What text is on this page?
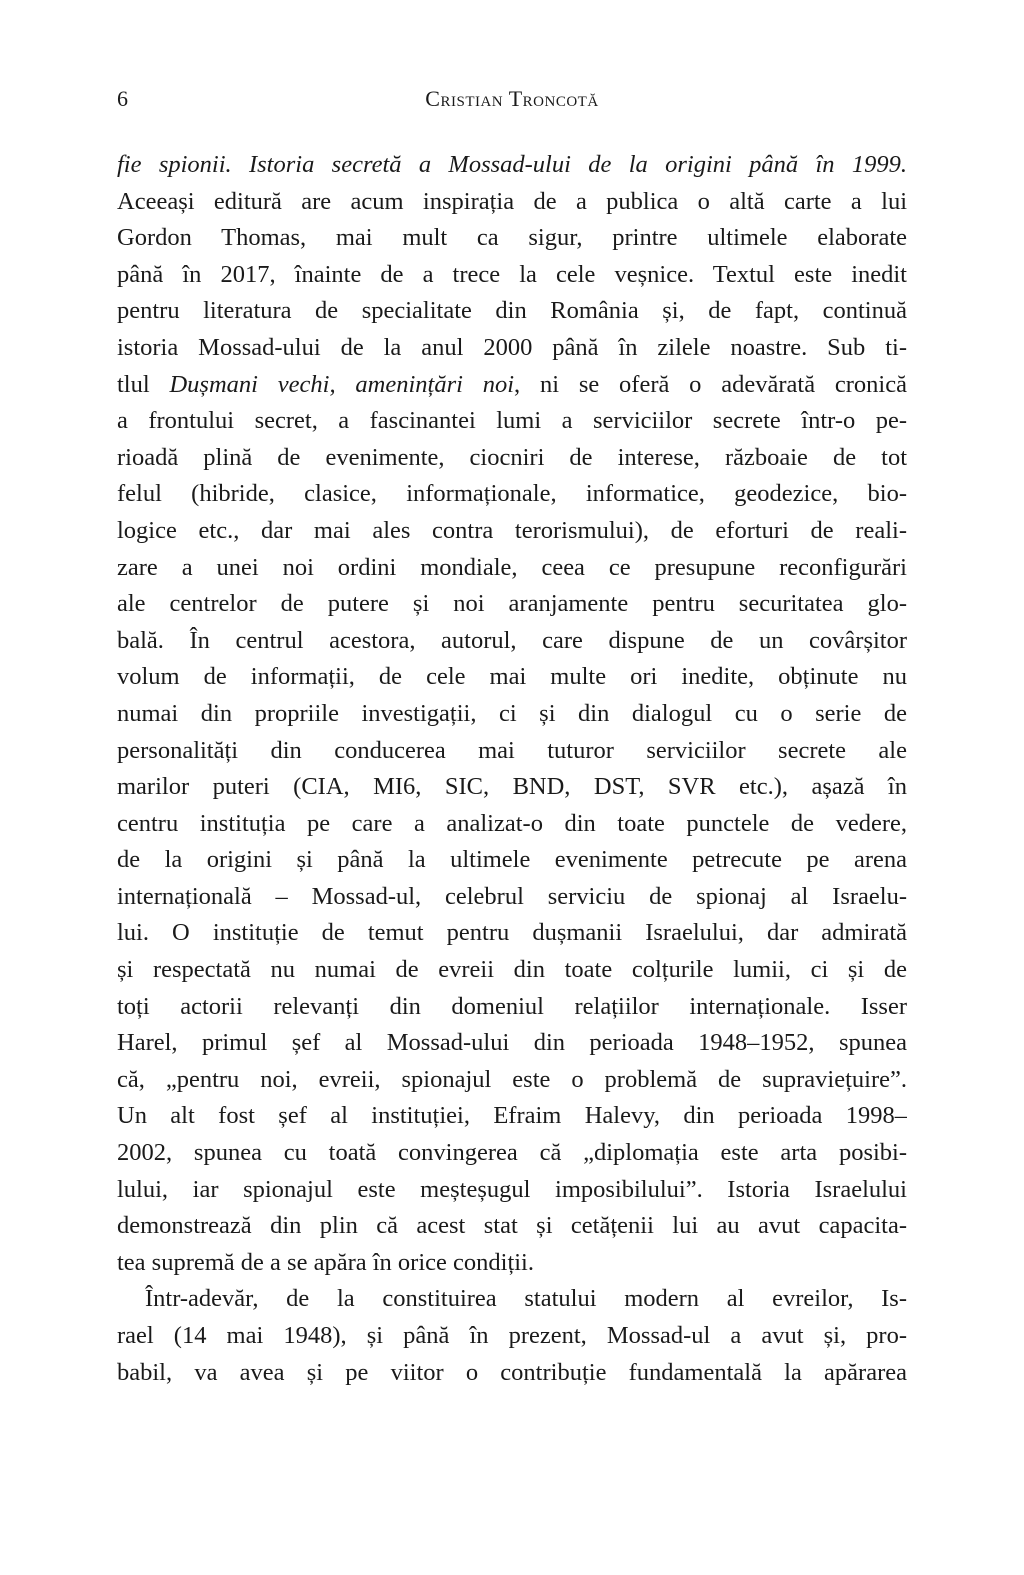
6	Cristian Troncotă
fie spionii. Istoria secretă a Mossad-ului de la origini până în 1999.
Aceeași editură are acum inspirația de a publica o altă carte a lui
Gordon Thomas, mai mult ca sigur, printre ultimele elaborate
până în 2017, înainte de a trece la cele veșnice. Textul este inedit
pentru literatura de specialitate din România și, de fapt, continuă
istoria Mossad-ului de la anul 2000 până în zilele noastre. Sub ti-
tlul Dușmani vechi, amenințări noi, ni se oferă o adevărată cronică
a frontului secret, a fascinantei lumi a serviciilor secrete într-o pe-
rioadă plină de evenimente, ciocniri de interese, războaie de tot
felul (hibride, clasice, informaționale, informatice, geodezice, bio-
logice etc., dar mai ales contra terorismului), de eforturi de reali-
zare a unei noi ordini mondiale, ceea ce presupune reconfigurări
ale centrelor de putere și noi aranjamente pentru securitatea glo-
bală. În centrul acestora, autorul, care dispune de un covârșitor
volum de informații, de cele mai multe ori inedite, obținute nu
numai din propriile investigații, ci și din dialogul cu o serie de
personalități din conducerea mai tuturor serviciilor secrete ale
marilor puteri (CIA, MI6, SIC, BND, DST, SVR etc.), așază în
centru instituția pe care a analizat-o din toate punctele de vedere,
de la origini și până la ultimele evenimente petrecute pe arena
internațională – Mossad-ul, celebrul serviciu de spionaj al Israelu-
lui. O instituție de temut pentru dușmanii Israelului, dar admirată
și respectată nu numai de evreii din toate colțurile lumii, ci și de
toți actorii relevanți din domeniul relațiilor internaționale. Isser
Harel, primul șef al Mossad-ului din perioada 1948–1952, spunea
că, „pentru noi, evreii, spionajul este o problemă de supraviețuire”.
Un alt fost șef al instituției, Efraim Halevy, din perioada 1998–
2002, spunea cu toată convingerea că „diplomația este arta posibi-
lului, iar spionajul este meșteșugul imposibilului”. Istoria Israelului
demonstrează din plin că acest stat și cetățenii lui au avut capacita-
tea supremă de a se apăra în orice condiții.
Într-adevăr, de la constituirea statului modern al evreilor, Is-
rael (14 mai 1948), și până în prezent, Mossad-ul a avut și, pro-
babil, va avea și pe viitor o contribuție fundamentală la apărarea
